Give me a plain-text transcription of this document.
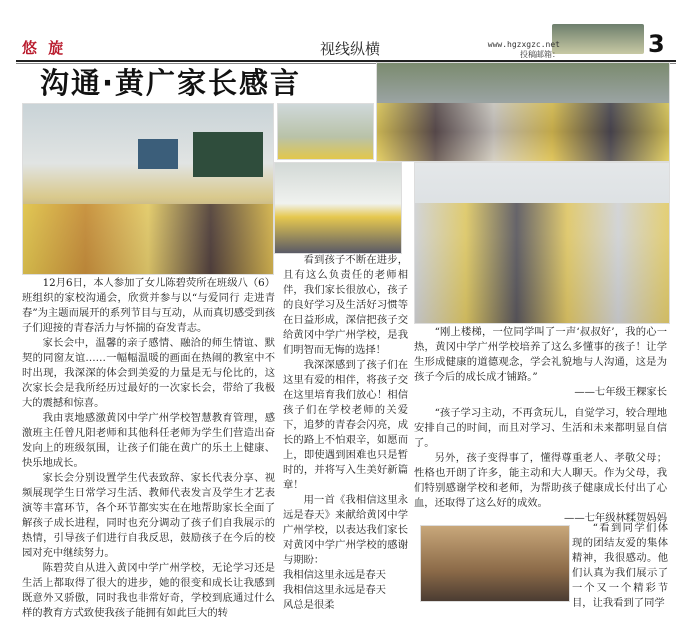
悠 旋	视线纵横	www.hgzxgzc.net
投稿邮箱：	3
沟通·黄广家长感言

12月6日，本人参加了女儿陈碧荧所在班级八（6）班组织的家校沟通会，欣赏并参与以“与爱同行 走进青春”为主题而展开的系列节目与互动，从而真切感受到孩子们迎接的青春活力与怀揣的奋发青志。

家长会中，温馨的亲子感情、融洽的师生情谊、默契的同窗友谊……一幅幅温暖的画面在热闹的教室中不时出现，我深深的体会到美爱的力量是无与伦比的，这次家长会是我所经历过最好的一次家长会，带给了我极大的震撼和惊喜。

我由衷地感激黄冈中学广州学校智慧教育管理，感激班主任曾凡阳老师和其他科任老师为学生们营造出奋发向上的班级氛围，让孩子们能在黄广的乐土上健康、快乐地成长。

家长会分别设置学生代表致辞、家长代表分享、视频展现学生日常学习生活、教师代表发言及学生才艺表演等丰富环节，各个环节都实实在在地帮助家长全面了解孩子成长进程，同时也充分调动了孩子们自我展示的热情，引导孩子们进行自我反思，鼓励孩子在今后的校园对充中继续努力。

陈碧荧自从进入黄冈中学广州学校，无论学习还是生活上都取得了很大的进步，她的很变和成长让我感到既意外又骄傲，同时我也非常好奇，学校到底通过什么样的教育方式致使我孩子能拥有如此巨大的转

看到孩子不断在进步，且有这么负责任的老师相伴，我们家长很放心，孩子的良好学习及生活好习惯等在日益形成，深信把孩子交给黄冈中学广州学校，是我们明智而无悔的选择！

我深深感到了孩子们在这里有爱的相伴，将孩子交在这里培育我们放心！相信孩子们在学校老师的关爱下，追梦的青春会闪亮，成长的路上不怕艰辛，如愿而上，即使遇到困难也只是暂时的，并将写入生美好新篇章！

用一首《我相信这里永远是春天》来献给黄冈中学广州学校，以表达我们家长对黄冈中学广州学校的感谢与期盼：

我相信这里永远是春天

我相信这里永远是春天

风总是很柔

“刚上楼梯，一位同学叫了一声‘叔叔好’，我的心一热，黄冈中学广州学校培养了这么多懂事的孩子！让学生形成健康的道德观念，学会礼貌地与人沟通，这是为孩子今后的成长成才铺路。”

——七年级王粿家长

“孩子学习主动，不再贪玩儿，自觉学习，较合理地安排自己的时间，而且对学习、生活和未来都明显自信了。

另外，孩子变得事了，懂得尊重老人、孝敬父母；性格也开朗了许多，能主动和大人聊天。作为父母，我们特别感谢学校和老师，为帮助孩子健康成长付出了心血，还取得了这么好的成效。

——七年级林糅贺妈妈

“看到同学们体现的团结友爱的集体精神，我很感动。他们认真为我们展示了一个又一个精彩节目，让我看到了同学
